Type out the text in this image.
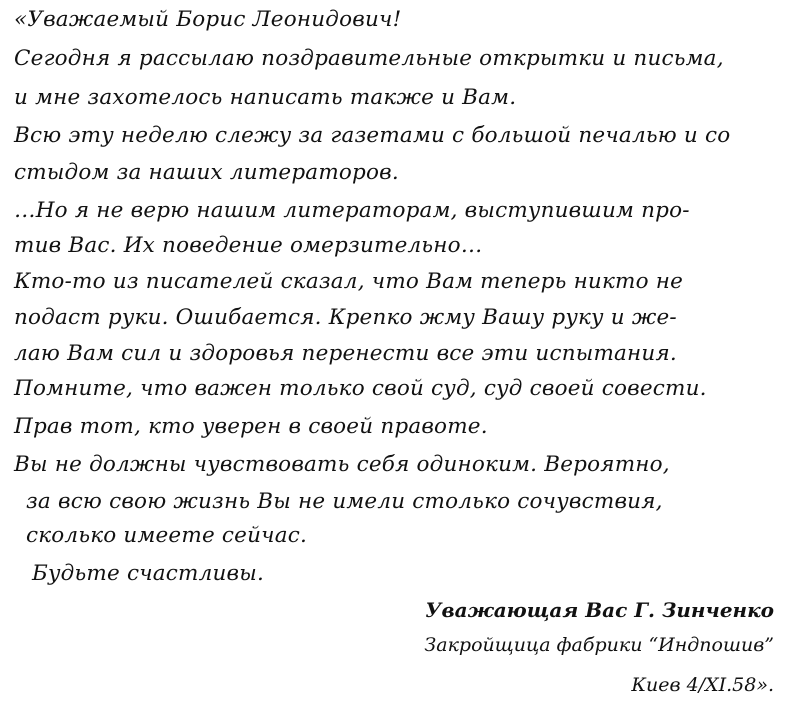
«Уважаемый Борис Леонидович!
Сегодня я рассылаю поздравительные открытки и письма,
и мне захотелось написать также и Вам.
Всю эту неделю слежу за газетами с большой печалью и со
стыдом за наших литераторов.
…Но я не верю нашим литераторам, выступившим про-
тив Вас. Их поведение омерзительно…
Кто-то из писателей сказал, что Вам теперь никто не
подаст руки. Ошибается. Крепко жму Вашу руку и же-
лаю Вам сил и здоровья перенести все эти испытания.
Помните, что важен только свой суд, суд своей совести.
Прав тот, кто уверен в своей правоте.
Вы не должны чувствовать себя одиноким. Вероятно,
за всю свою жизнь Вы не имели столько сочувствия,
сколько имеете сейчас.
Будьте счастливы.
Уважающая Вас Г. Зинченко
Закройщица фабрики “Индпошив”
Киев 4/XI.58».
